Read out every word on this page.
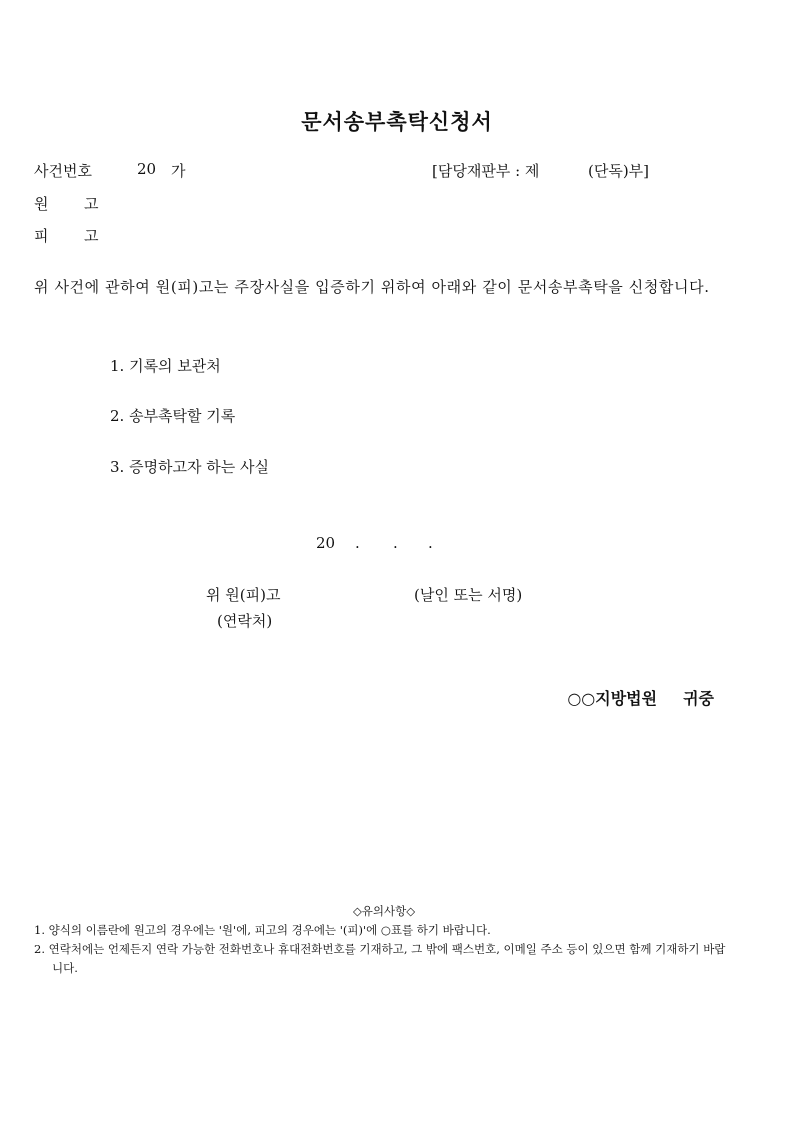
문서송부촉탁신청서
사건번호	20 가	[담당재판부 : 제	(단독)부]
원 고
피 고
위 사건에 관하여 원(피)고는 주장사실을 입증하기 위하여 아래와 같이 문서송부촉탁을 신청합니다.
1. 기록의 보관처
2. 송부촉탁할 기록
3. 증명하고자 하는 사실
20 . . .
위 원(피)고	(날인 또는 서명)
(연락처)
○○지방법원 귀중
◇유의사항◇
1. 양식의 이름란에 원고의 경우에는 '원'에, 피고의 경우에는 '(피)'에 ○표를 하기 바랍니다.
2. 연락처에는 언제든지 연락 가능한 전화번호나 휴대전화번호를 기재하고, 그 밖에 팩스번호, 이메일 주소 등이 있으면 함께 기재하기 바랍니다.
